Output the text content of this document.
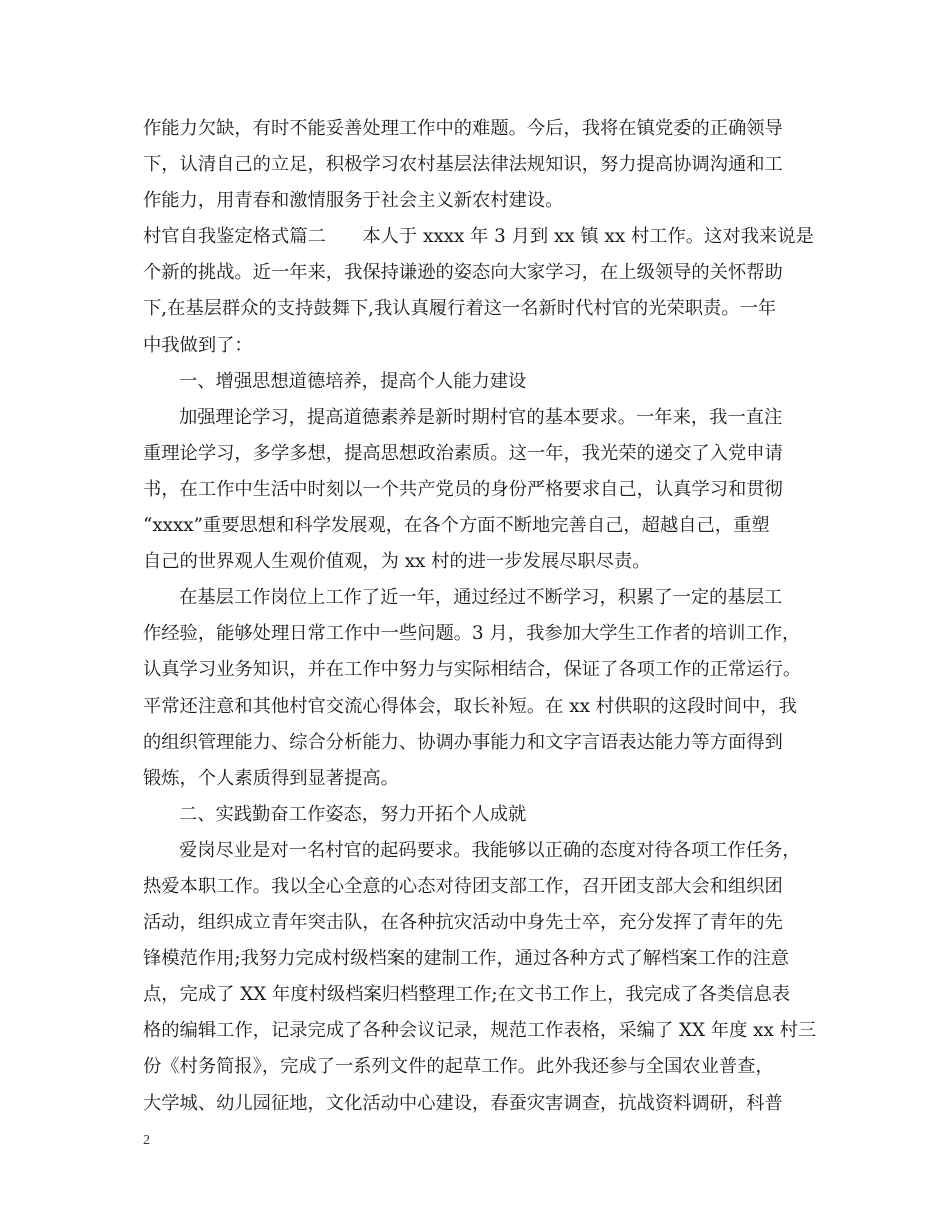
作能力欠缺，有时不能妥善处理工作中的难题。今后，我将在镇党委的正确领导
下，认清自己的立足，积极学习农村基层法律法规知识，努力提高协调沟通和工
作能力，用青春和激情服务于社会主义新农村建设。
村官自我鉴定格式篇二　　本人于 xxxx 年 3 月到 xx 镇 xx 村工作。这对我来说是
个新的挑战。近一年来，我保持谦逊的姿态向大家学习，在上级领导的关怀帮助
下,在基层群众的支持鼓舞下,我认真履行着这一名新时代村官的光荣职责。一年
中我做到了：
一、增强思想道德培养，提高个人能力建设
加强理论学习，提高道德素养是新时期村官的基本要求。一年来，我一直注
重理论学习，多学多想，提高思想政治素质。这一年，我光荣的递交了入党申请
书，在工作中生活中时刻以一个共产党员的身份严格要求自己，认真学习和贯彻
“xxxx”重要思想和科学发展观，在各个方面不断地完善自己，超越自己，重塑
自己的世界观人生观价值观，为 xx 村的进一步发展尽职尽责。
在基层工作岗位上工作了近一年，通过经过不断学习，积累了一定的基层工
作经验，能够处理日常工作中一些问题。3 月，我参加大学生工作者的培训工作，
认真学习业务知识，并在工作中努力与实际相结合，保证了各项工作的正常运行。
平常还注意和其他村官交流心得体会，取长补短。在 xx 村供职的这段时间中，我
的组织管理能力、综合分析能力、协调办事能力和文字言语表达能力等方面得到
锻炼，个人素质得到显著提高。
二、实践勤奋工作姿态，努力开拓个人成就
爱岗尽业是对一名村官的起码要求。我能够以正确的态度对待各项工作任务，
热爱本职工作。我以全心全意的心态对待团支部工作，召开团支部大会和组织团
活动，组织成立青年突击队，在各种抗灾活动中身先士卒，充分发挥了青年的先
锋模范作用;我努力完成村级档案的建制工作，通过各种方式了解档案工作的注意
点，完成了 XX 年度村级档案归档整理工作;在文书工作上，我完成了各类信息表
格的编辑工作，记录完成了各种会议记录，规范工作表格，采编了 XX 年度 xx 村三
份《村务简报》，完成了一系列文件的起草工作。此外我还参与全国农业普查，
大学城、幼儿园征地，文化活动中心建设，春蚕灾害调查，抗战资料调研，科普
2
